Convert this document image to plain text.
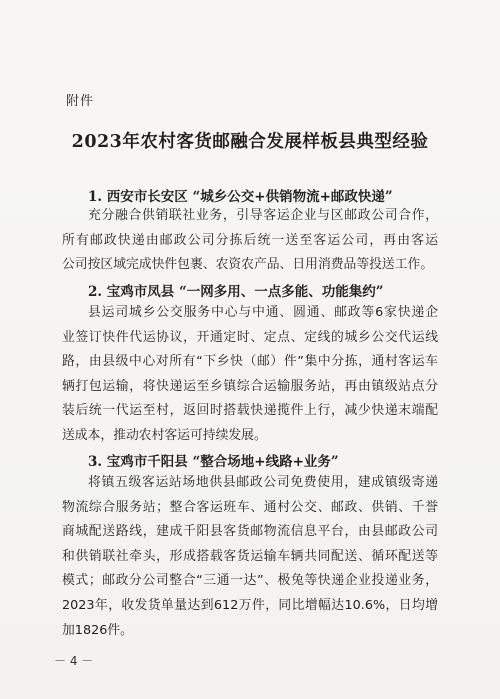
附件
2023年农村客货邮融合发展样板县典型经验
1. 西安市长安区 “城乡公交+供销物流+邮政快递”
充分融合供销联社业务，引导客运企业与区邮政公司合作，
所有邮政快递由邮政公司分拣后统一送至客运公司，再由客运
公司按区域完成快件包裹、农资农产品、日用消费品等投送工作。
2. 宝鸡市凤县 “一网多用、一点多能、功能集约”
县运司城乡公交服务中心与中通、圆通、邮政等6家快递企
业签订快件代运协议，开通定时、定点、定线的城乡公交代运线
路，由县级中心对所有“下乡快（邮）件”集中分拣，通村客运车
辆打包运输，将快递运至乡镇综合运输服务站，再由镇级站点分
装后统一代运至村，返回时搭载快递揽件上行，减少快递末端配
送成本，推动农村客运可持续发展。
3. 宝鸡市千阳县 “整合场地+线路+业务”
将镇五级客运站场地供县邮政公司免费使用，建成镇级寄递
物流综合服务站；整合客运班车、通村公交、邮政、供销、千誉
商城配送路线，建成千阳县客货邮物流信息平台，由县邮政公司
和供销联社牵头，形成搭载客货运输车辆共同配送、循环配送等
模式；邮政分公司整合“三通一达”、极兔等快递企业投递业务，
2023年，收发货单量达到612万件，同比增幅达10.6%，日均增
加1826件。
－ 4 －
